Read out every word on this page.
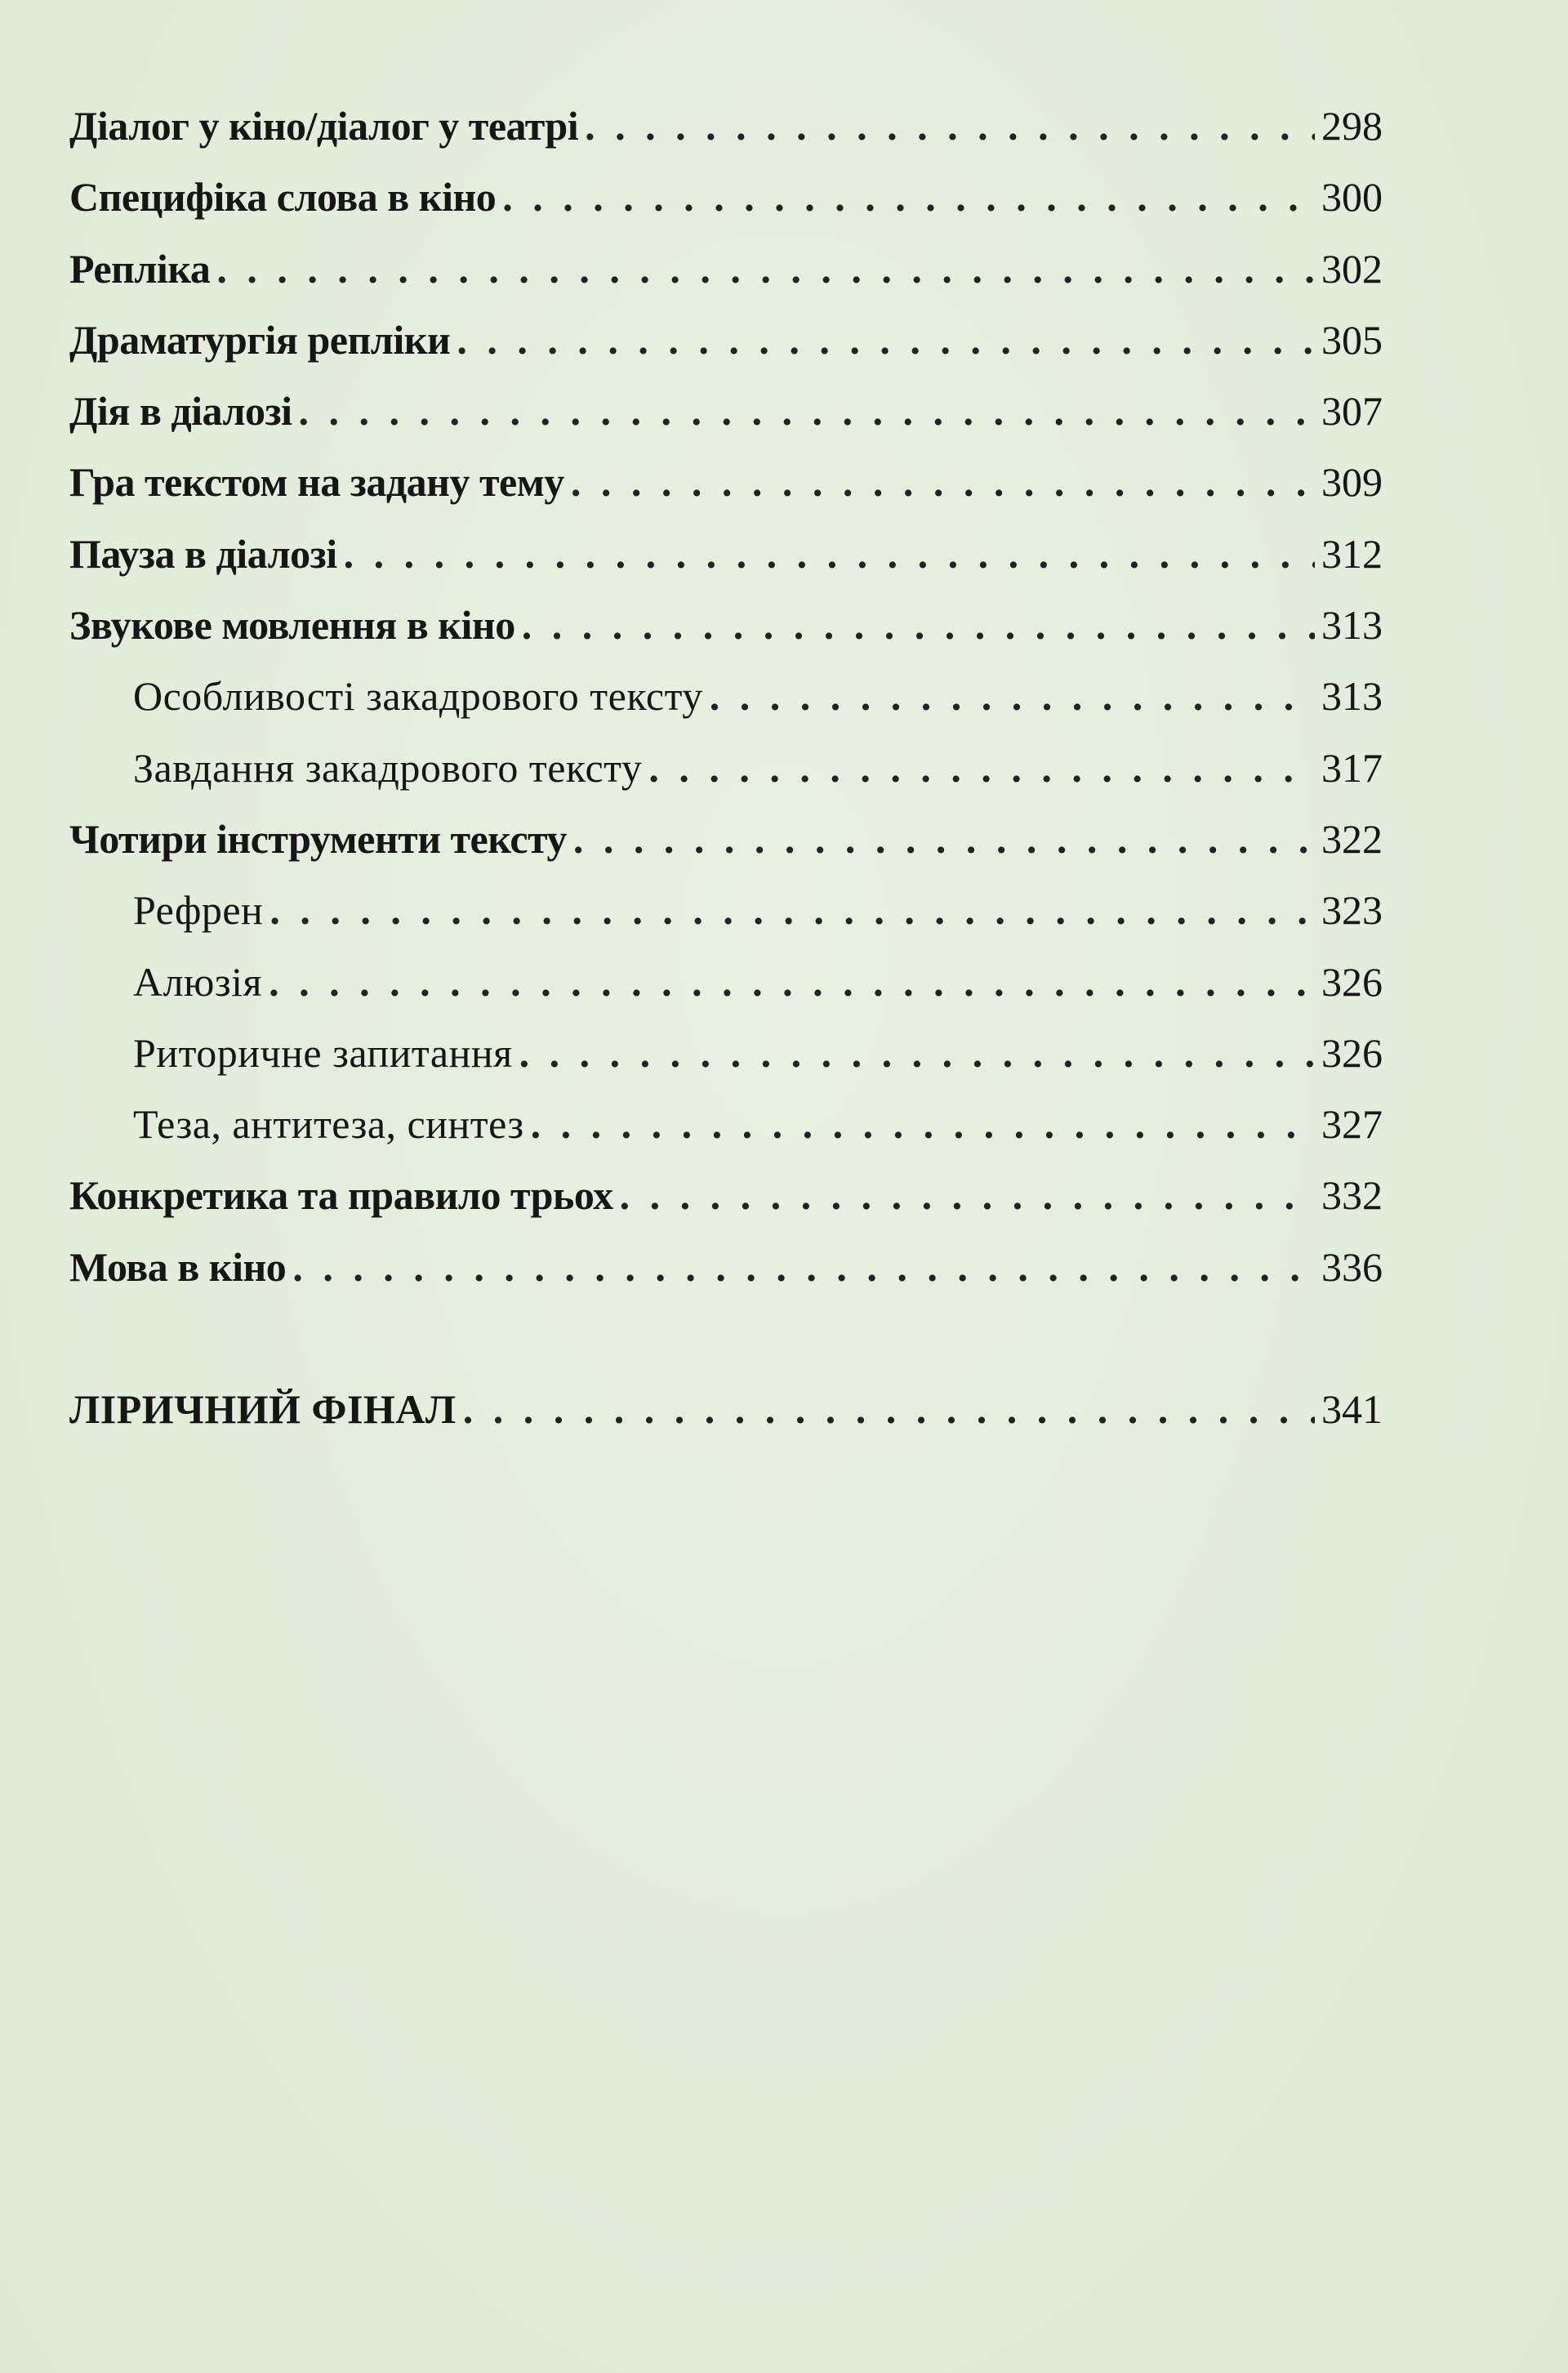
Діалог у кіно/діалог у театрі . . .	298
Специфіка слова в кіно . . .	300
Репліка . . .	302
Драматургія репліки . . .	305
Дія в діалозі . . .	307
Гра текстом на задану тему . . .	309
Пауза в діалозі . . .	312
Звукове мовлення в кіно . . .	313
Особливості закадрового тексту . . .	313
Завдання закадрового тексту . . .	317
Чотири інструменти тексту . . .	322
Рефрен . . .	323
Алюзія . . .	326
Риторичне запитання . . .	326
Теза, антитеза, синтез . . .	327
Конкретика та правило трьох . . .	332
Мова в кіно . . .	336
ЛІРИЧНИЙ ФІНАЛ . . .	341
